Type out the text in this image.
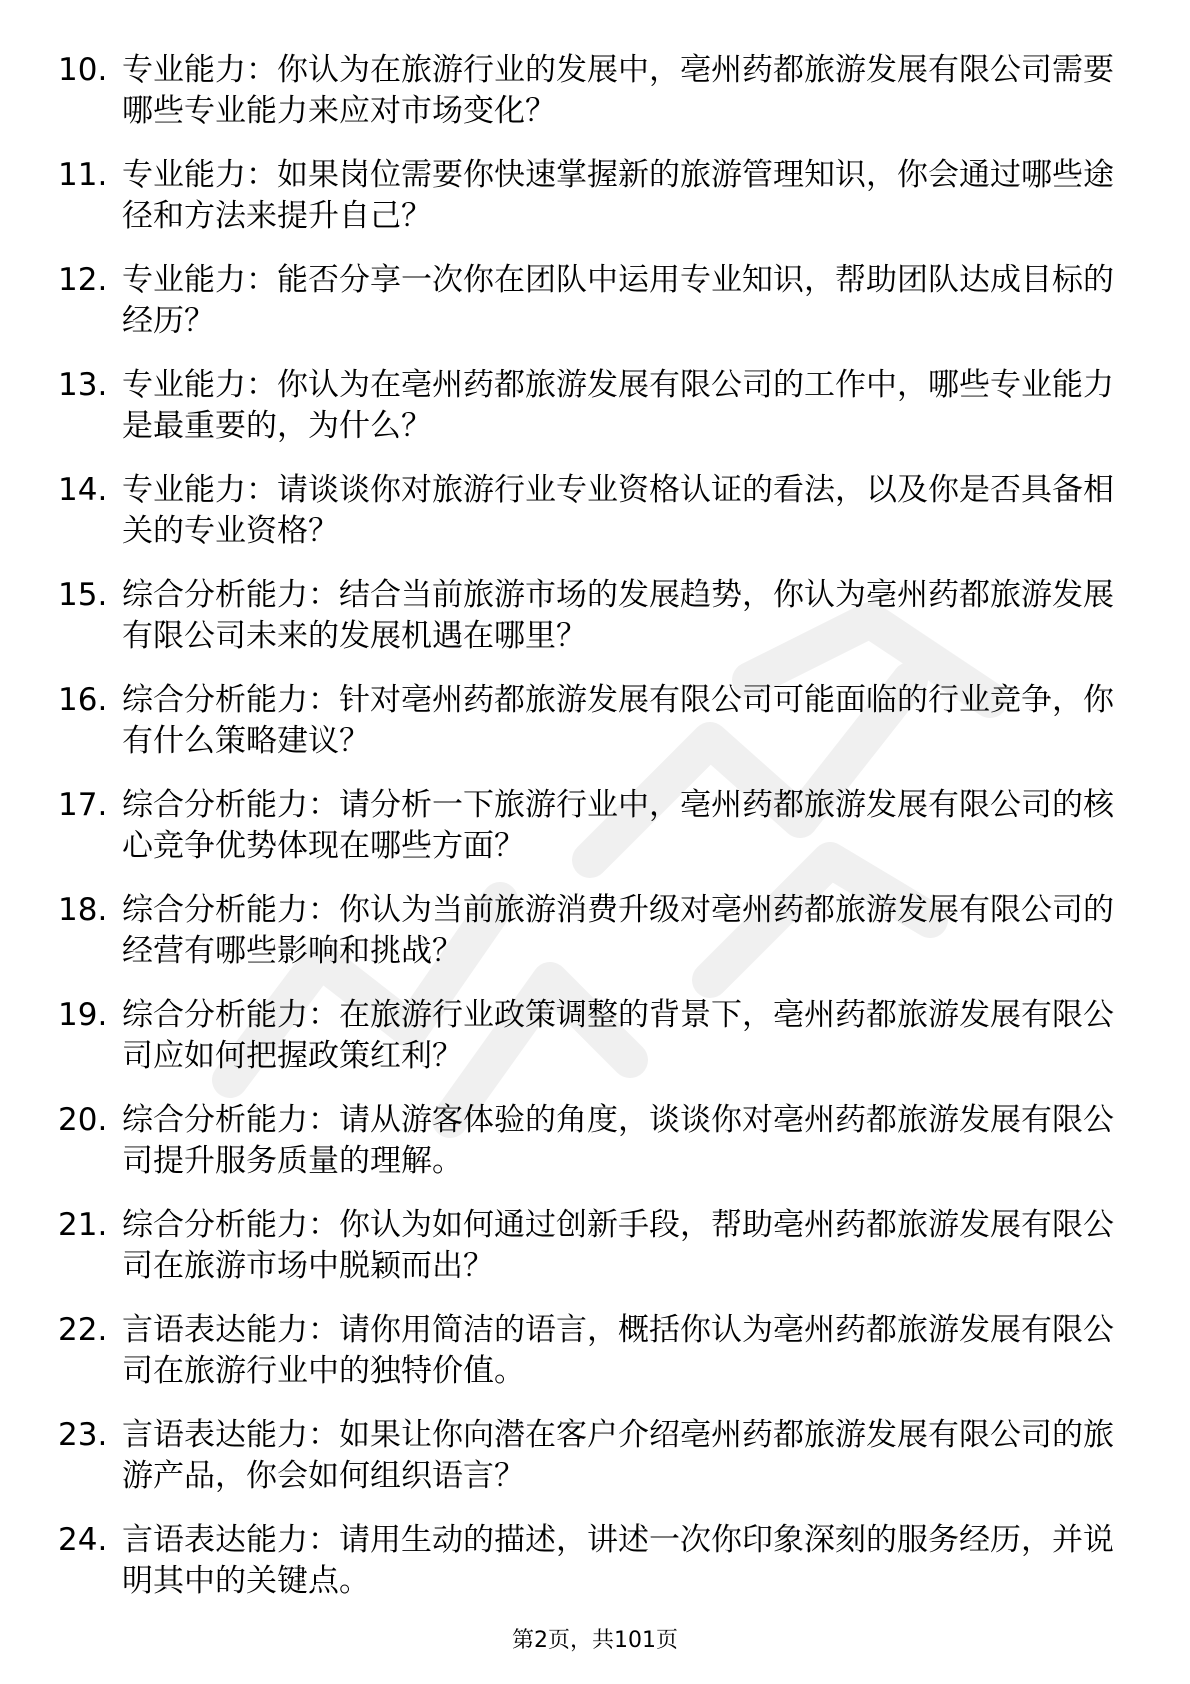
10. 专业能力：你认为在旅游行业的发展中，亳州药都旅游发展有限公司需要哪些专业能力来应对市场变化？
11. 专业能力：如果岗位需要你快速掌握新的旅游管理知识，你会通过哪些途径和方法来提升自己？
12. 专业能力：能否分享一次你在团队中运用专业知识，帮助团队达成目标的经历？
13. 专业能力：你认为在亳州药都旅游发展有限公司的工作中，哪些专业能力是最重要的，为什么？
14. 专业能力：请谈谈你对旅游行业专业资格认证的看法，以及你是否具备相关的专业资格？
15. 综合分析能力：结合当前旅游市场的发展趋势，你认为亳州药都旅游发展有限公司未来的发展机遇在哪里？
16. 综合分析能力：针对亳州药都旅游发展有限公司可能面临的行业竞争，你有什么策略建议？
17. 综合分析能力：请分析一下旅游行业中，亳州药都旅游发展有限公司的核心竞争优势体现在哪些方面？
18. 综合分析能力：你认为当前旅游消费升级对亳州药都旅游发展有限公司的经营有哪些影响和挑战？
19. 综合分析能力：在旅游行业政策调整的背景下，亳州药都旅游发展有限公司应如何把握政策红利？
20. 综合分析能力：请从游客体验的角度，谈谈你对亳州药都旅游发展有限公司提升服务质量的理解。
21. 综合分析能力：你认为如何通过创新手段，帮助亳州药都旅游发展有限公司在旅游市场中脱颖而出？
22. 言语表达能力：请你用简洁的语言，概括你认为亳州药都旅游发展有限公司在旅游行业中的独特价值。
23. 言语表达能力：如果让你向潜在客户介绍亳州药都旅游发展有限公司的旅游产品，你会如何组织语言？
24. 言语表达能力：请用生动的描述，讲述一次你印象深刻的服务经历，并说明其中的关键点。
第2页，共101页
